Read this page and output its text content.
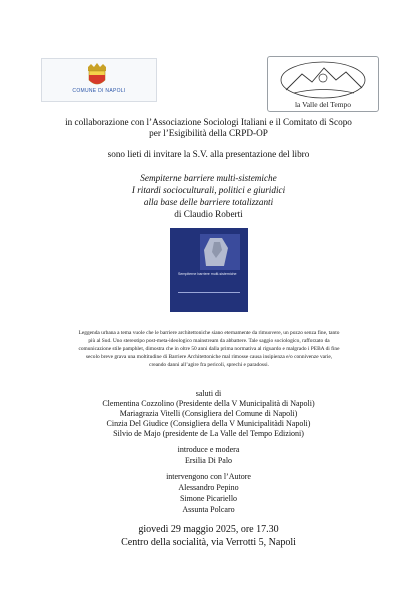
COMUNE DI NAPOLI
la Valle del Tempo
in collaborazione con l’Associazione Sociologi Italiani e il Comitato di Scopo
per l’Esigibilità della CRPD-OP
sono lieti di invitare la S.V. alla presentazione del libro
Sempiterne barriere multi-sistemiche
I ritardi socioculturali, politici e giuridici
alla base delle barriere totalizzanti
di Claudio Roberti
Sempiterne barriere multi-sistemiche
Leggenda urbana a tema vuole che le barriere architettoniche siano eternamente da rimuovere, un pozzo senza fine, tanto
più al Sud. Uno stereotipo post-meta-ideologico mainstream da abbattere. Tale saggio sociologico, rafforzato da
comunicazione stile pamphlet, dimostra che in oltre 50 anni dalla prima normativa al riguardo e malgrado i PEBA di fine
secolo breve grava una moltitudine di Barriere Architettoniche mal rimosse causa insipienza e/o connivenze varie,
creando danni all’agire fra pericoli, sprechi e paradossi.
saluti di
Clementina Cozzolino (Presidente della V Municipalità di Napoli)
Mariagrazia Vitelli (Consigliera del Comune di Napoli)
Cinzia Del Giudice (Consigliera della V Municipalitàdi Napoli)
Silvio de Majo (presidente de La Valle del Tempo Edizioni)
introduce e modera
Ersilia Di Palo
intervengono con l’Autore
Alessandro Pepino
Simone Picariello
Assunta Polcaro
giovedì 29 maggio 2025, ore 17.30
Centro della socialità, via Verrotti 5, Napoli
